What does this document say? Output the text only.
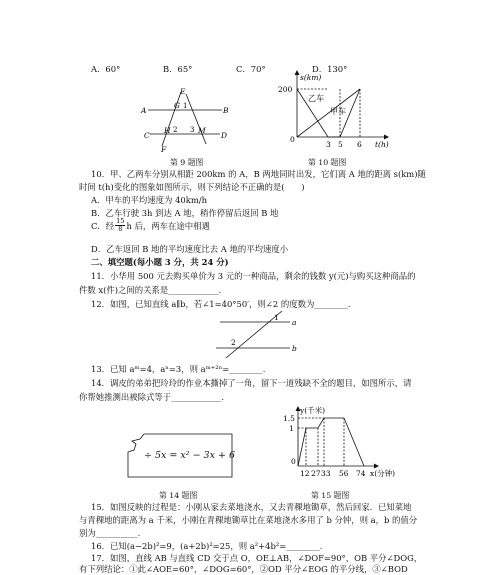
A．60°	B．65°	C．70°	D．130°
E
G 1
A	B
H 2 3 M
C	D
F
第 9 题图
s(km)
200
0
3 5 6 t(h)
乙车
甲车
第 10 题图
10．甲、乙两车分别从相距 200km 的 A，B 两地同时出发，它们离 A 地的距离 s(km)随
时间 t(h)变化的图象如图所示，则下列结论不正确的是(　　)
A．甲车的平均速度为 40km/h
B．乙车行驶 3h 到达 A 地，稍作停留后返回 B 地
C．经 $\frac{15}{8}$ h 后，两车在途中相遇
D．乙车返回 B 地的平均速度比去 A 地的平均速度小
二、填空题(每小题 3 分，共 24 分)
11．小华用 500 元去购买单价为 3 元的一种商品，剩余的钱数 y(元)与购买这种商品的
件数 x(件)之间的关系是____________.
12．如图，已知直线 a∥b，若∠1=40°50′，则∠2 的度数为________.
1
2
a
b
13．已知 aᵐ=4，aⁿ=3，则 aᵐ⁺²ⁿ=________.
14．调皮的弟弟把玲玲的作业本撕掉了一角，留下一道残缺不全的题目，如图所示，请
你帮她推测出被除式等于____________.
÷ 5x = x² − 3x + 6
第 14 题图
y(千米)
1.5
1
0
12 27 33 56 74 x(分钟)
第 15 题图
15．如图反映的过程是：小刚从家去菜地浇水，又去青稞地锄草，然后回家．已知菜地
与青稞地的距离为 a 千米，小刚在青稞地锄草比在菜地浇水多用了 b 分钟，则 a，b 的值分
别为__________.
16．已知(a−2b)²=9，(a+2b)²=25，则 a²+4b²=________.
17．如图，直线 AB 与直线 CD 交于点 O，OE⊥AB，∠DOF=90°，OB 平分∠DOG，
有下列结论：①此∠AOE=60°，∠DOG=60°，②OD 平分∠EOG 的平分线，③∠BOD
